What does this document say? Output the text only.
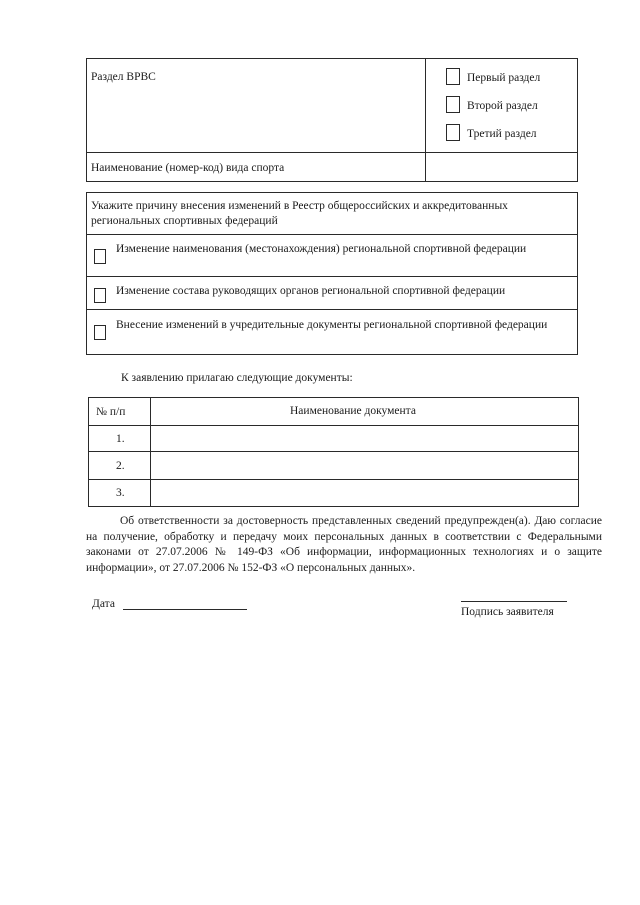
Раздел ВРВС	Первый раздел
Второй раздел
Третий раздел
Наименование (номер-код) вида спорта
Укажите причину внесения изменений в Реестр общероссийских и аккредитованных региональных спортивных федераций
Изменение наименования (местонахождения) региональной спортивной федерации
Изменение состава руководящих органов региональной спортивной федерации
Внесение изменений в учредительные документы региональной спортивной федерации
К заявлению прилагаю следующие документы:
№ п/п	Наименование документа
1.
2.
3.
Об ответственности за достоверность представленных сведений предупрежден(а). Даю согласие на получение, обработку и передачу моих персональных данных в соответствии с Федеральными законами от 27.07.2006 № 149-ФЗ «Об информации, информационных технологиях и о защите информации», от 27.07.2006 № 152-ФЗ «О персональных данных».
Дата
Подпись заявителя
